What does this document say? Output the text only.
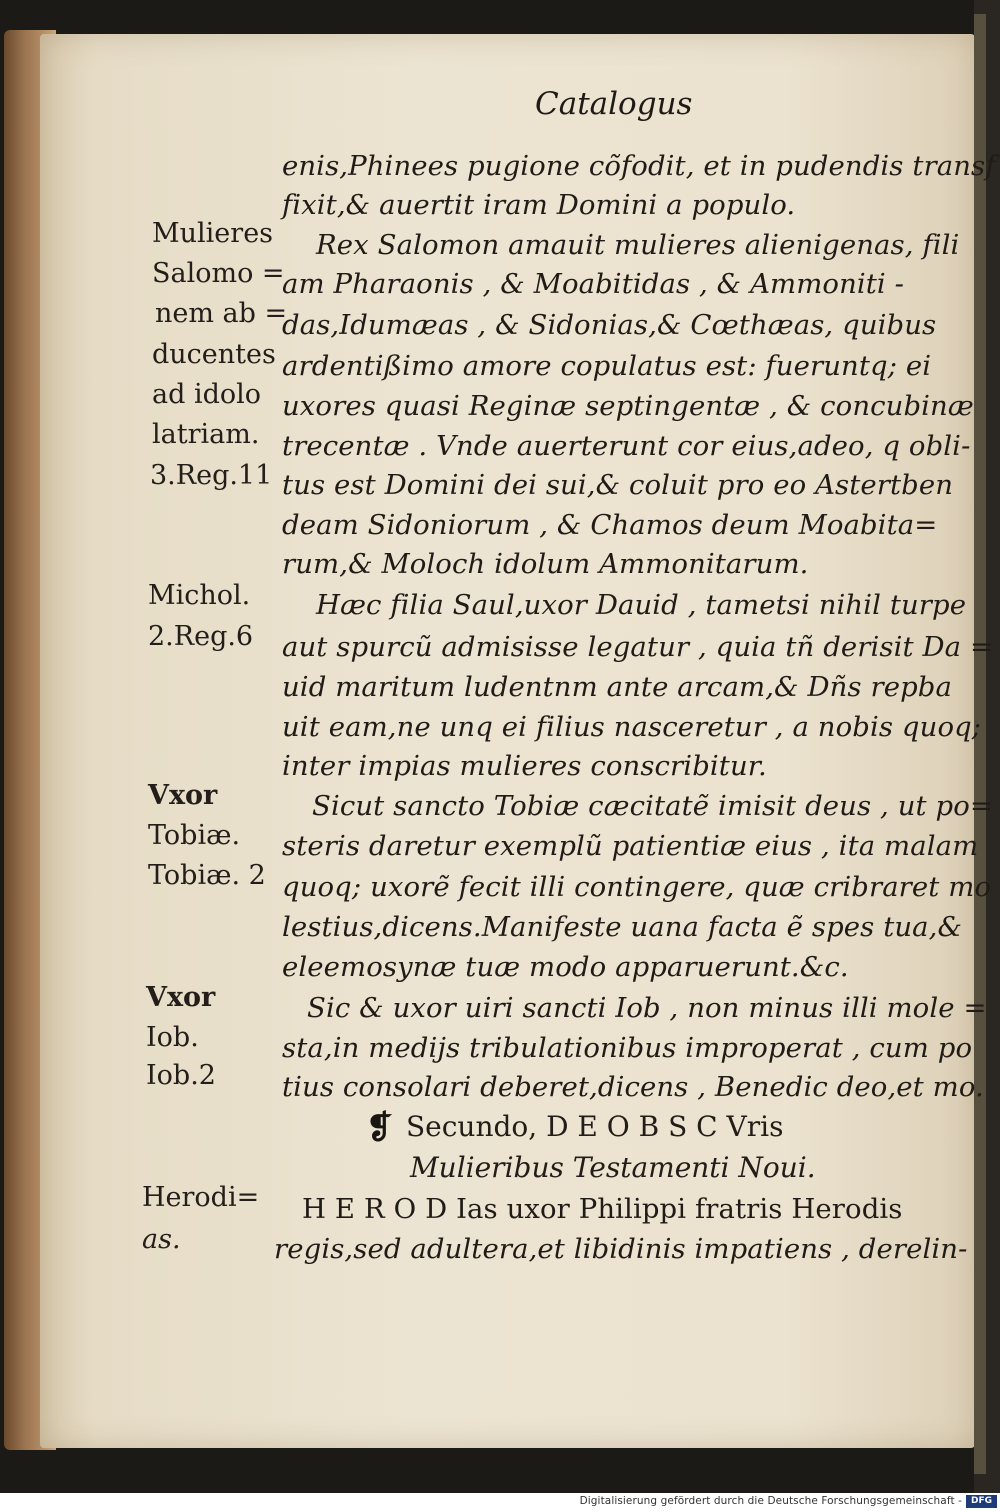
Catalogus
enis,Phinees pugione cõfodit, et in pudendis transf
fixit,& auertit iram Domini a populo.
Rex Salomon amauit mulieres alienigenas, fili
am Pharaonis , & Moabitidas , & Ammoniti -
das,Idumæas , & Sidonias,& Cœthæas, quibus
ardentißimo amore copulatus est: fueruntq; ei
uxores quasi Reginæ septingentæ , & concubinæ
trecentæ . Vnde auerterunt cor eius,adeo, q obli-
tus est Domini dei sui,& coluit pro eo Astertben
deam Sidoniorum , & Chamos deum Moabita=
rum,& Moloch idolum Ammonitarum.
Hæc filia Saul,uxor Dauid , tametsi nihil turpe
aut spurcũ admisisse legatur , quia tñ derisit Da =
uid maritum ludentnm ante arcam,& Dñs repba
uit eam,ne unq ei filius nasceretur , a nobis quoq;
inter impias mulieres conscribitur.
Sicut sancto Tobiæ cæcitatẽ imisit deus , ut po=
steris daretur exemplũ patientiæ eius , ita malam
quoq; uxorẽ fecit illi contingere, quæ cribraret mo
lestius,dicens.Manifeste uana facta ẽ spes tua,&
eleemosynæ tuæ modo apparuerunt.&c.
Sic & uxor uiri sancti Iob , non minus illi mole =
sta,in medijs tribulationibus improperat , cum po
tius consolari deberet,dicens , Benedic deo,et mo.
Secundo, D E O B S C Vris
Mulieribus Testamenti Noui.
H E R O D Ias uxor Philippi fratris Herodis
regis,sed adultera,et libidinis impatiens , derelin-
❡
Mulieres
Salomo =
nem ab =
ducentes
ad idolo
latriam.
3.Reg.11
Michol.
2.Reg.6
Vxor
Tobiæ.
Tobiæ. 2
Vxor
Iob.
Iob.2
Herodi=
as.
Digitalisierung gefördert durch die Deutsche Forschungsgemeinschaft - DFG
